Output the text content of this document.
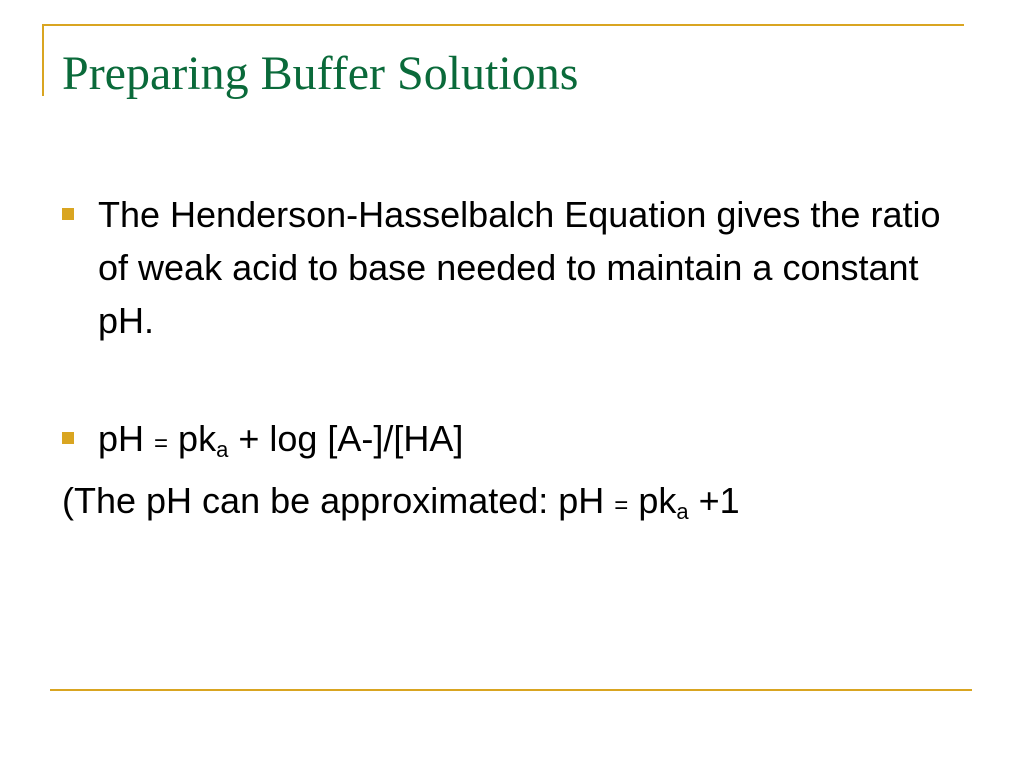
Preparing Buffer Solutions
The Henderson-Hasselbalch Equation gives the ratio of weak acid to base needed to maintain a constant pH.
pH = $pk_a + \log [A-]/[HA]$
(The pH can be approximated: pH = $pk_a +1$
